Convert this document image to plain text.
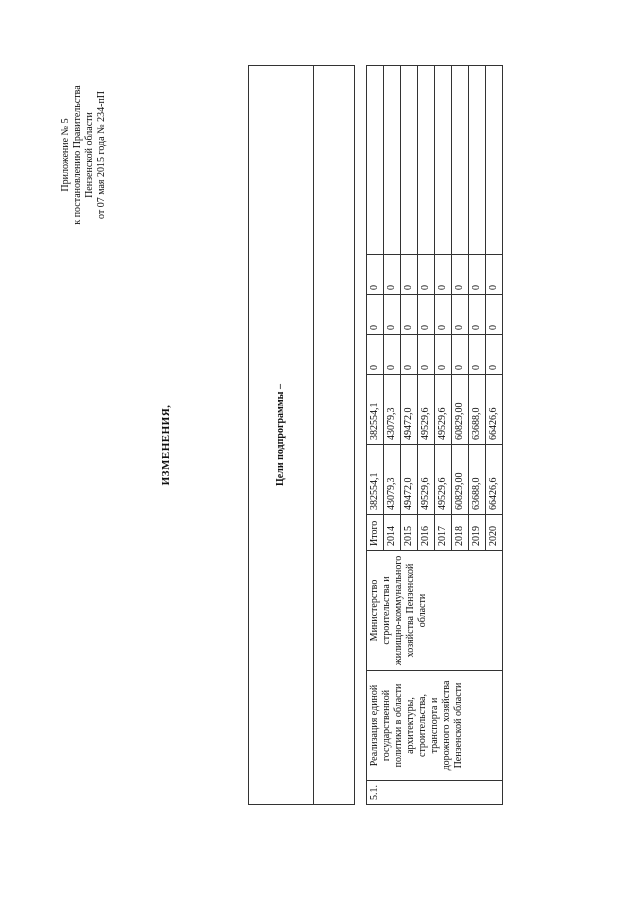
Приложение № 5 к постановлению Правительства Пензенской области от 07 мая 2015 года № 234-пП
ИЗМЕНЕНИЯ,	Цели подпрограммы –

5.1.	Реализация единой государственной политики в области архитектуры, строительства, транспорта и дорожного хозяйства Пензенской области	Министерство строительства и жилищно-коммунального хозяйства Пензенской области	Итого	382554,1	382554,1	0	0	0	
			2014	43079,3	43079,3	0	0	0	
			2015	49472,0	49472,0	0	0	0	
			2016	49529,6	49529,6	0	0	0	
			2017	49529,6	49529,6	0	0	0	
			2018	60829,00	60829,00	0	0	0	
			2019	63688,0	63688,0	0	0	0	
			2020	66426,6	66426,6	0	0	0	
